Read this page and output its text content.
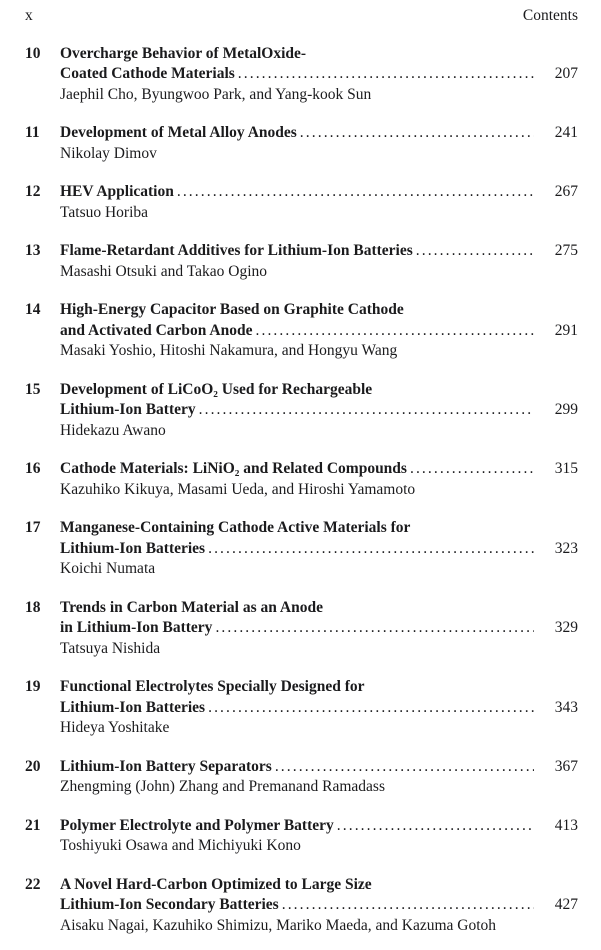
x	Contents
10	Overcharge Behavior of MetalOxide-
Coated Cathode Materials .....	207
Jaephil Cho, Byungwoo Park, and Yang-kook Sun
11	Development of Metal Alloy Anodes .....	241
Nikolay Dimov
12	HEV Application .....	267
Tatsuo Horiba
13	Flame-Retardant Additives for Lithium-Ion Batteries .....	275
Masashi Otsuki and Takao Ogino
14	High-Energy Capacitor Based on Graphite Cathode
and Activated Carbon Anode .....	291
Masaki Yoshio, Hitoshi Nakamura, and Hongyu Wang
15	Development of LiCoO₂ Used for Rechargeable
Lithium-Ion Battery .....	299
Hidekazu Awano
16	Cathode Materials: LiNiO₂ and Related Compounds .....	315
Kazuhiko Kikuya, Masami Ueda, and Hiroshi Yamamoto
17	Manganese-Containing Cathode Active Materials for
Lithium-Ion Batteries .....	323
Koichi Numata
18	Trends in Carbon Material as an Anode
in Lithium-Ion Battery .....	329
Tatsuya Nishida
19	Functional Electrolytes Specially Designed for
Lithium-Ion Batteries .....	343
Hideya Yoshitake
20	Lithium-Ion Battery Separators .....	367
Zhengming (John) Zhang and Premanand Ramadass
21	Polymer Electrolyte and Polymer Battery .....	413
Toshiyuki Osawa and Michiyuki Kono
22	A Novel Hard-Carbon Optimized to Large Size
Lithium-Ion Secondary Batteries .....	427
Aisaku Nagai, Kazuhiko Shimizu, Mariko Maeda, and Kazuma Gotoh
